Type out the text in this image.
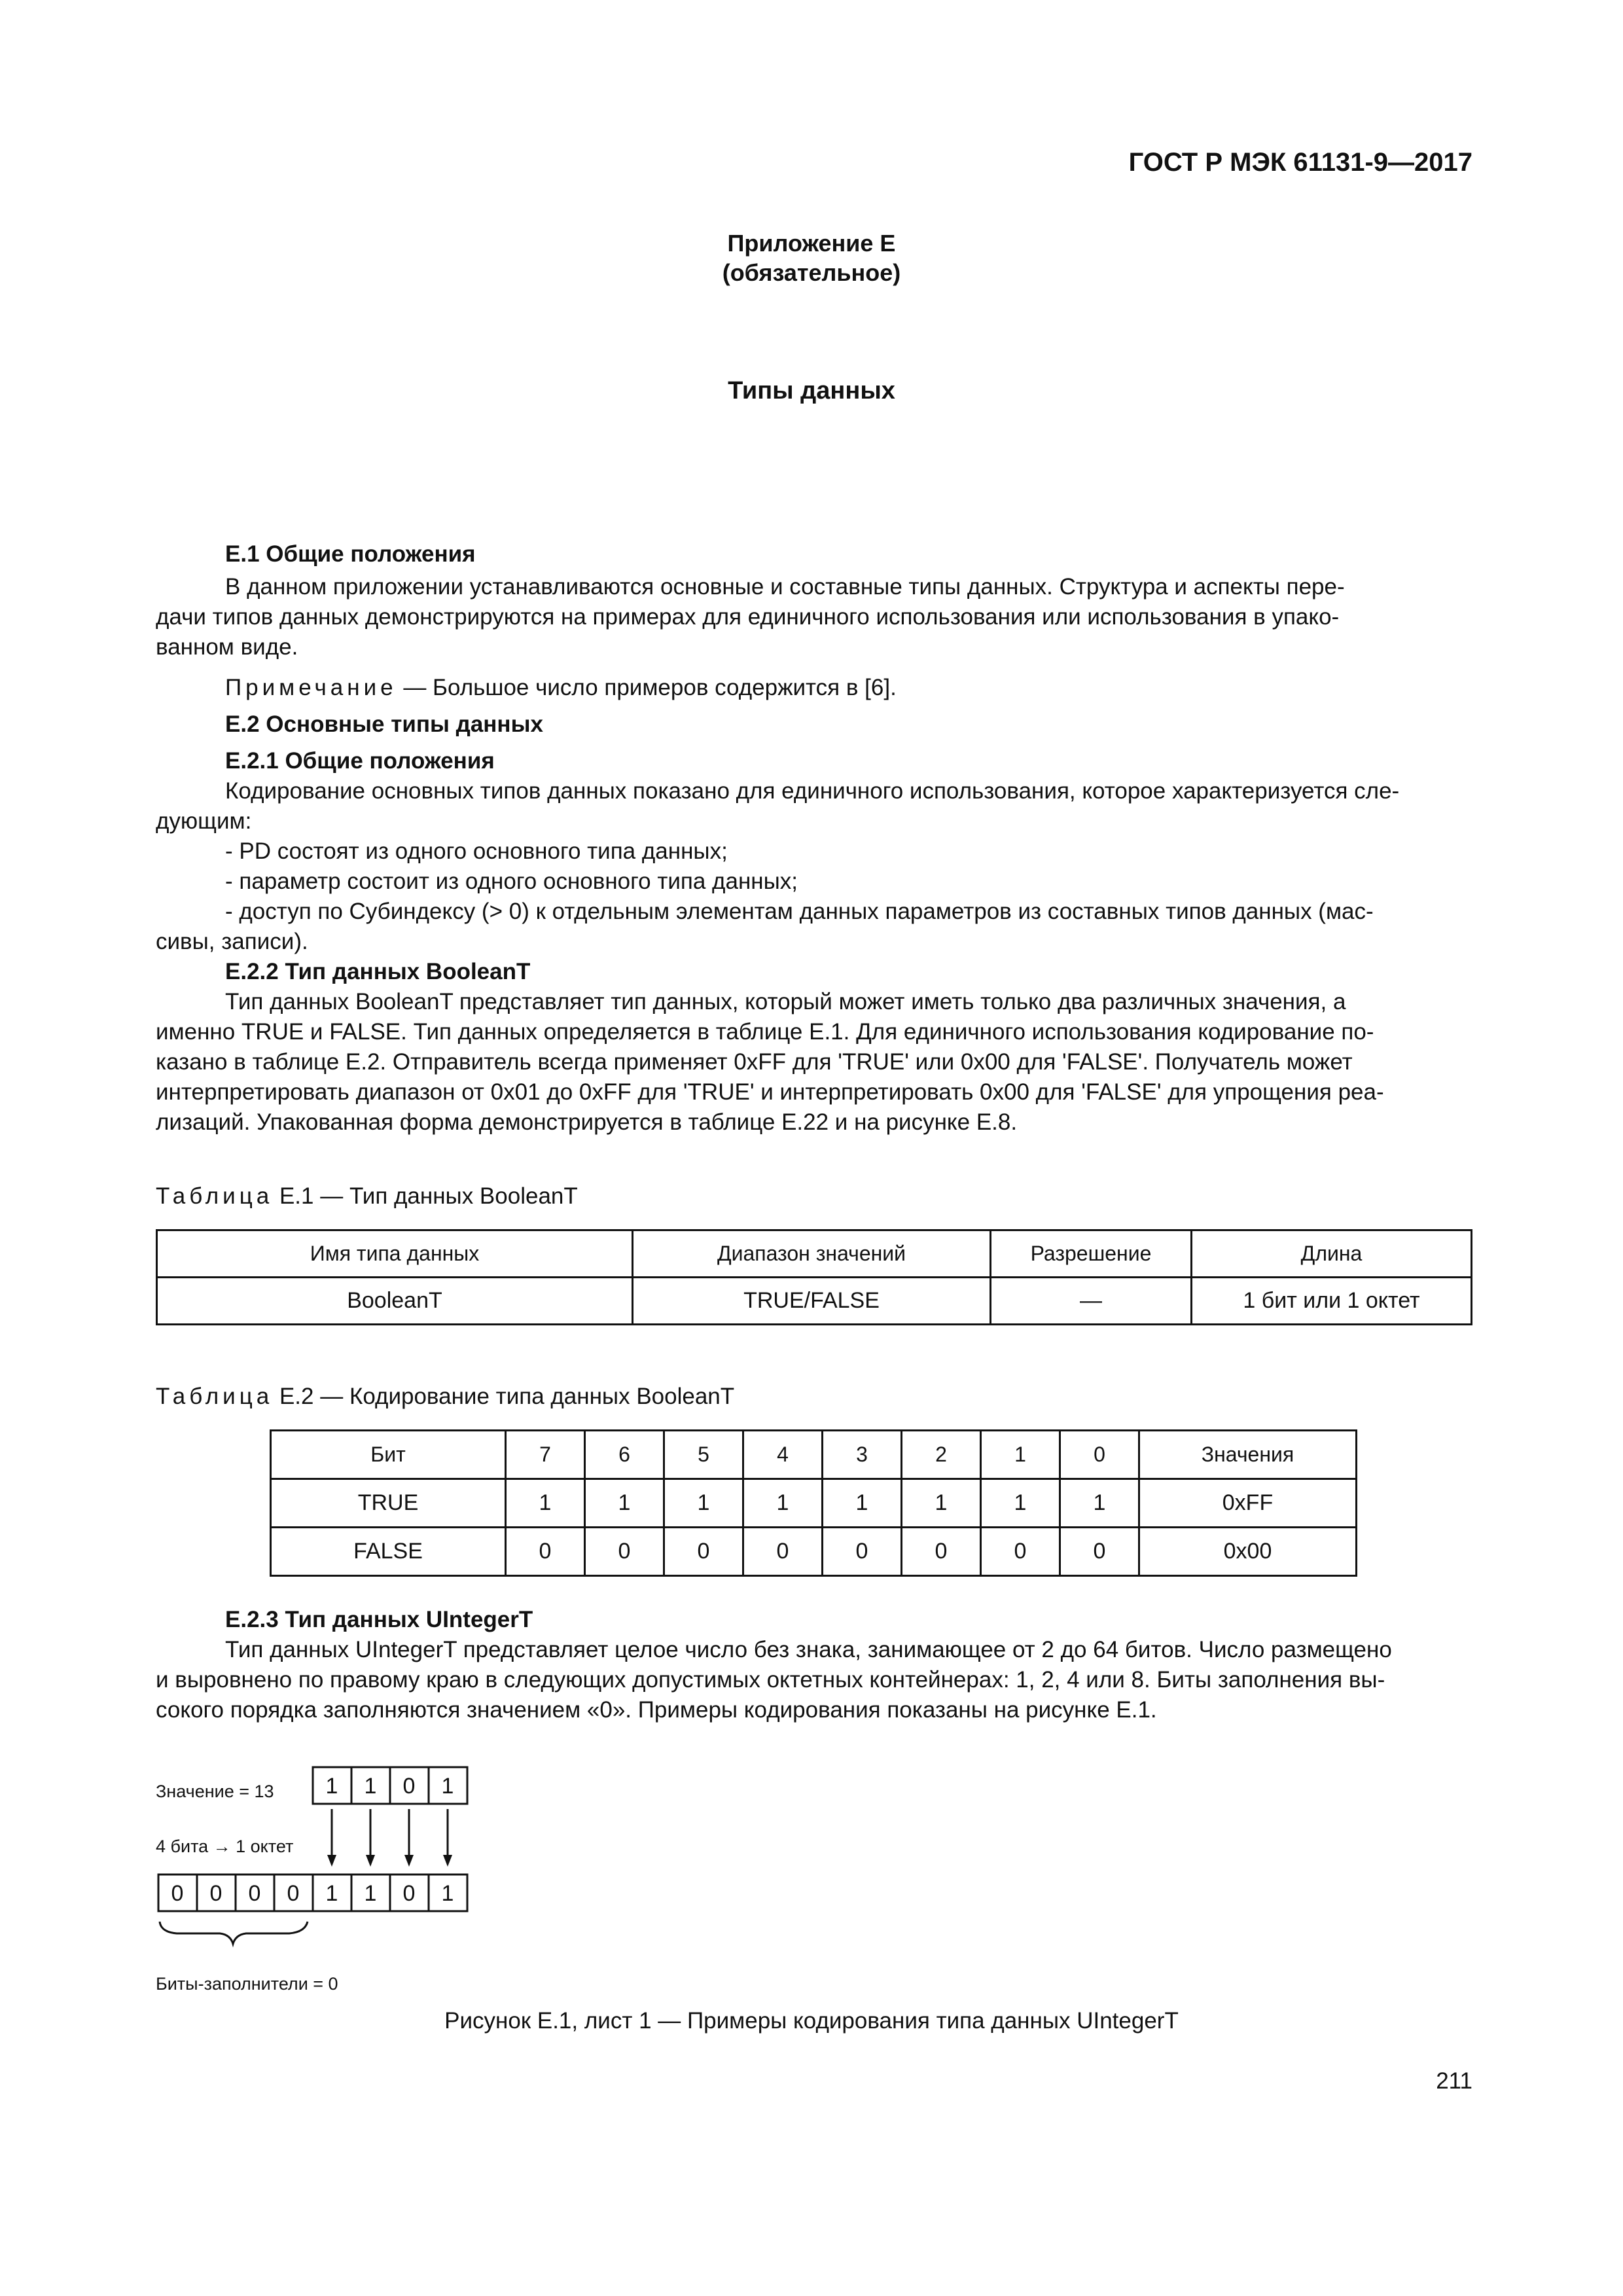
ГОСТ Р МЭК 61131-9—2017
Приложение Е
(обязательное)
Типы данных

Е.1 Общие положения

В данном приложении устанавливаются основные и составные типы данных. Структура и аспекты пере-

дачи типов данных демонстрируются на примерах для единичного использования или использования в упако-

ванном виде.

Примечание — Большое число примеров содержится в [6].

Е.2 Основные типы данных

Е.2.1 Общие положения

Кодирование основных типов данных показано для единичного использования, которое характеризуется сле-

дующим:

- PD состоят из одного основного типа данных;

- параметр состоит из одного основного типа данных;

- доступ по Субиндексу (> 0) к отдельным элементам данных параметров из составных типов данных (мас-

сивы, записи).

Е.2.2 Тип данных BooleanT

Тип данных BooleanT представляет тип данных, который может иметь только два различных значения, а

именно TRUE и FALSE. Тип данных определяется в таблице Е.1. Для единичного использования кодирование по-

казано в таблице Е.2. Отправитель всегда применяет 0xFF для 'TRUE' или 0x00 для 'FALSE'. Получатель может

интерпретировать диапазон от 0x01 до 0xFF для 'TRUE' и интерпретировать 0x00 для 'FALSE' для упрощения реа-

лизаций. Упакованная форма демонстрируется в таблице Е.22 и на рисунке Е.8.

Таблица Е.1 — Тип данных BooleanT
Имя типа данных	Диапазон значений	Разрешение	Длина
BooleanT	TRUE/FALSE	—	1 бит или 1 октет
Таблица Е.2 — Кодирование типа данных BooleanT
Бит	7	6	5	4	3	2	1	0	Значения
TRUE	1	1	1	1	1	1	1	1	0xFF
FALSE	0	0	0	0	0	0	0	0	0x00

Е.2.3 Тип данных UIntegerT

Тип данных UIntegerT представляет целое число без знака, занимающее от 2 до 64 битов. Число размещено

и выровнено по правому краю в следующих допустимых октетных контейнерах: 1, 2, 4 или 8. Биты заполнения вы-

сокого порядка заполняются значением «0». Примеры кодирования показаны на рисунке Е.1.

Значение = 13
4 бита → 1 октет
Биты-заполнители = 0
1 1 0 1
0 0 0 0 1 1 0 1
Рисунок Е.1, лист 1 — Примеры кодирования типа данных UIntegerT
211
